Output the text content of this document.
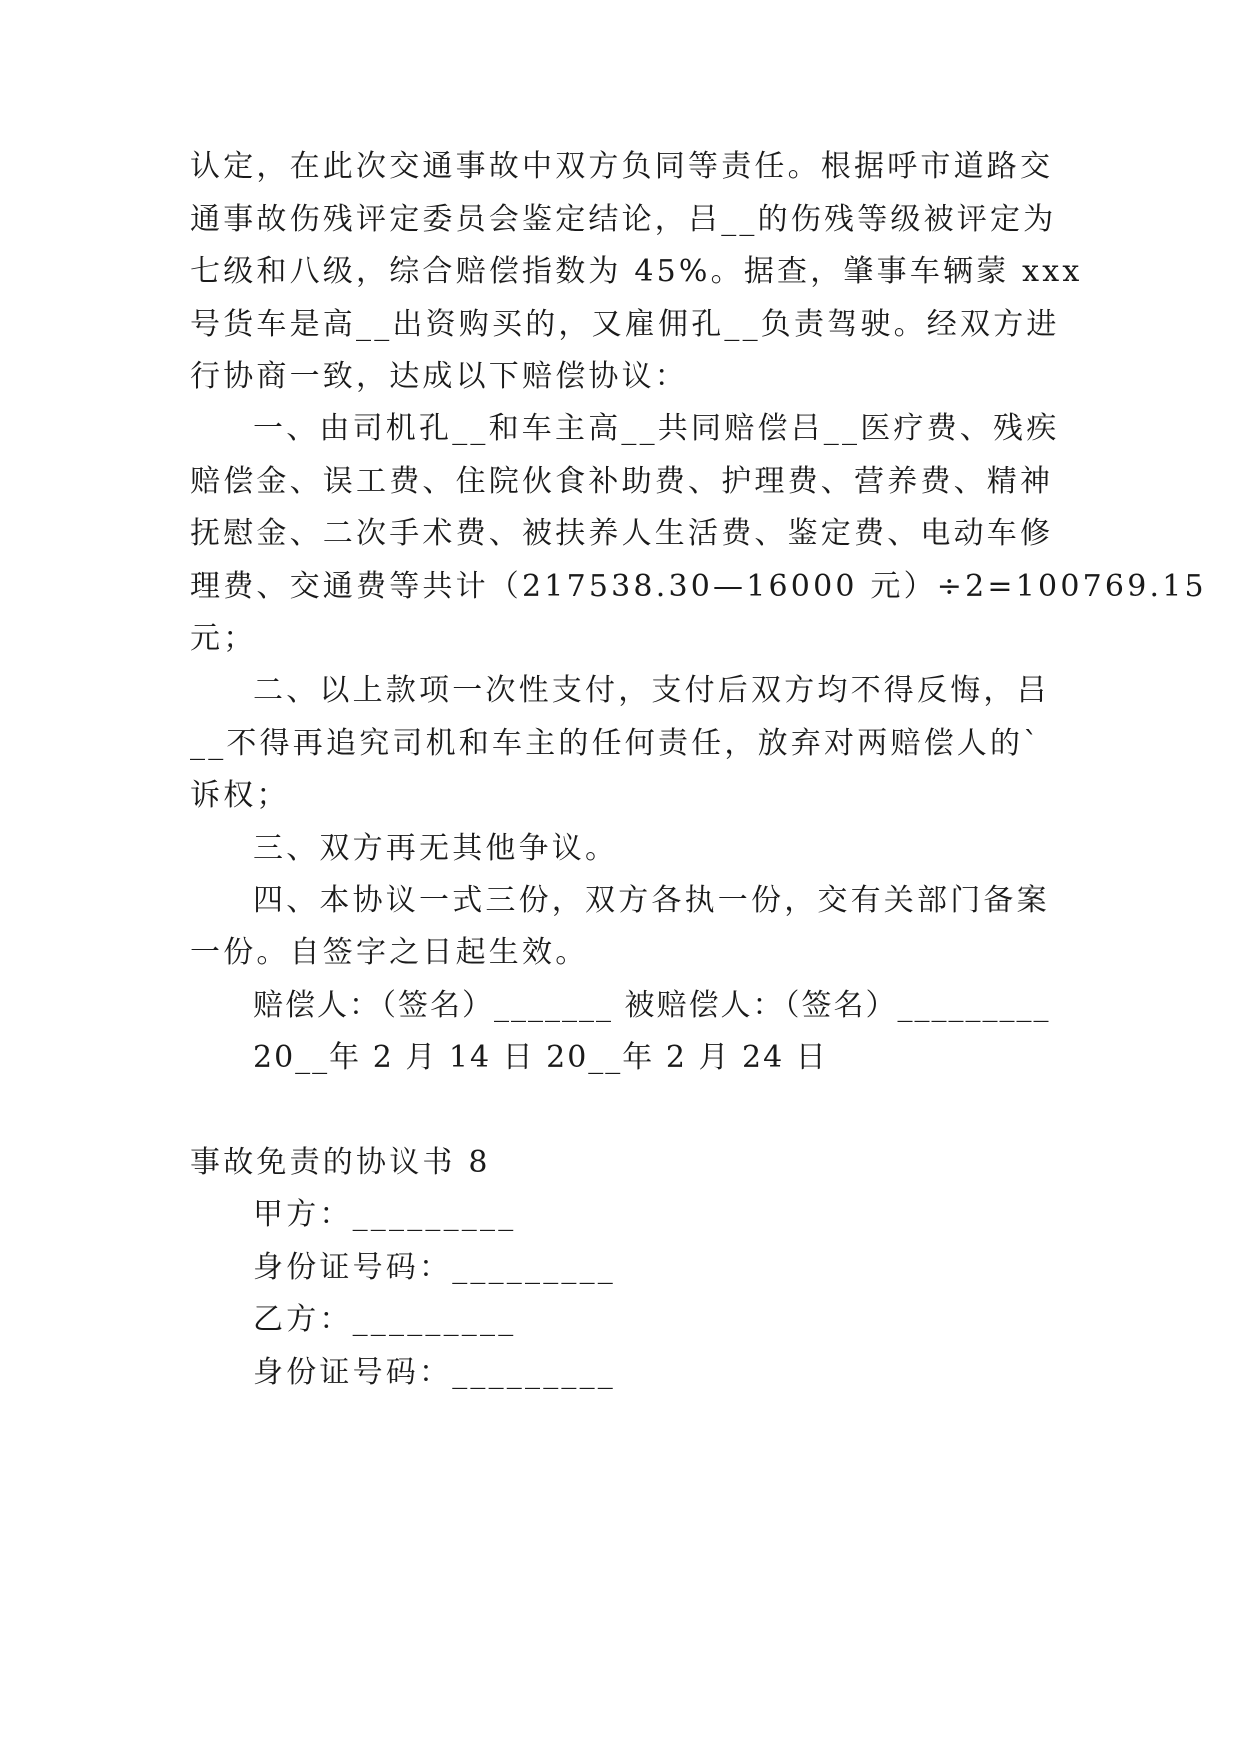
认定，在此次交通事故中双方负同等责任。根据呼市道路交
通事故伤残评定委员会鉴定结论，吕__的伤残等级被评定为
七级和八级，综合赔偿指数为 45%。据查，肇事车辆蒙 xxx
号货车是高__出资购买的，又雇佣孔__负责驾驶。经双方进
行协商一致，达成以下赔偿协议：
一、由司机孔__和车主高__共同赔偿吕__医疗费、残疾
赔偿金、误工费、住院伙食补助费、护理费、营养费、精神
抚慰金、二次手术费、被扶养人生活费、鉴定费、电动车修
理费、交通费等共计（217538.30—16000 元）÷2=100769.15
元；
二、以上款项一次性支付，支付后双方均不得反悔，吕
__不得再追究司机和车主的任何责任，放弃对两赔偿人的`
诉权；
三、双方再无其他争议。
四、本协议一式三份，双方各执一份，交有关部门备案
一份。自签字之日起生效。
赔偿人：（签名）_______ 被赔偿人：（签名）_________
20__年 2 月 14 日 20__年 2 月 24 日
事故免责的协议书 8
甲方：_________
身份证号码：_________
乙方：_________
身份证号码：_________
